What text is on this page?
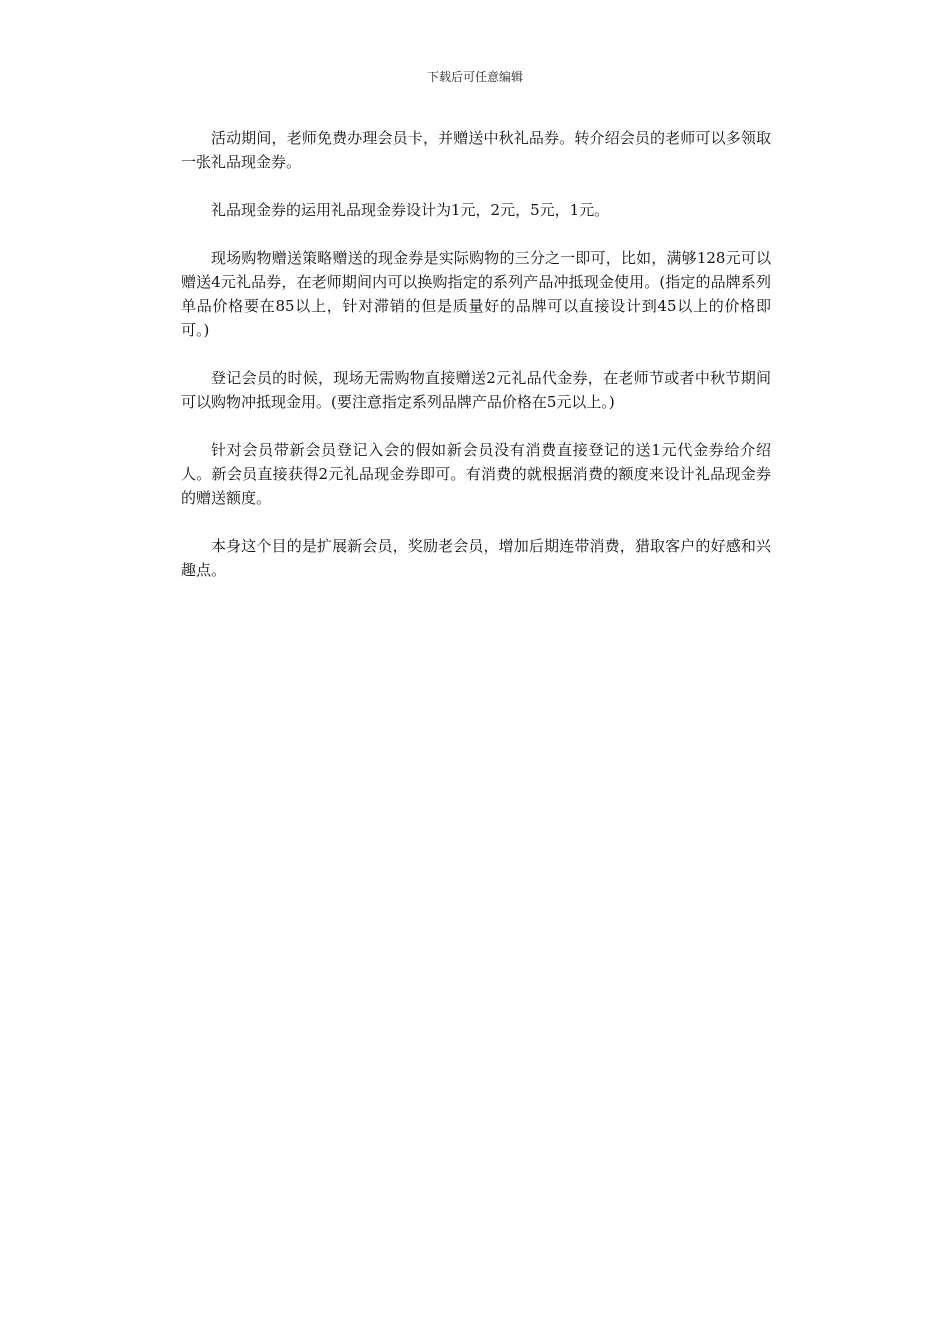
下载后可任意编辑

活动期间，老师免费办理会员卡，并赠送中秋礼品券。转介绍会员的老师可以多领取一张礼品现金券。

礼品现金券的运用礼品现金券设计为1元，2元，5元，1元。

现场购物赠送策略赠送的现金券是实际购物的三分之一即可，比如，满够128元可以赠送4元礼品券，在老师期间内可以换购指定的系列产品冲抵现金使用。(指定的品牌系列单品价格要在85以上，针对滞销的但是质量好的品牌可以直接设计到45以上的价格即可。)

登记会员的时候，现场无需购物直接赠送2元礼品代金券，在老师节或者中秋节期间可以购物冲抵现金用。(要注意指定系列品牌产品价格在5元以上。)

针对会员带新会员登记入会的假如新会员没有消费直接登记的送1元代金券给介绍人。新会员直接获得2元礼品现金券即可。有消费的就根据消费的额度来设计礼品现金券的赠送额度。

本身这个目的是扩展新会员，奖励老会员，增加后期连带消费，猎取客户的好感和兴趣点。
